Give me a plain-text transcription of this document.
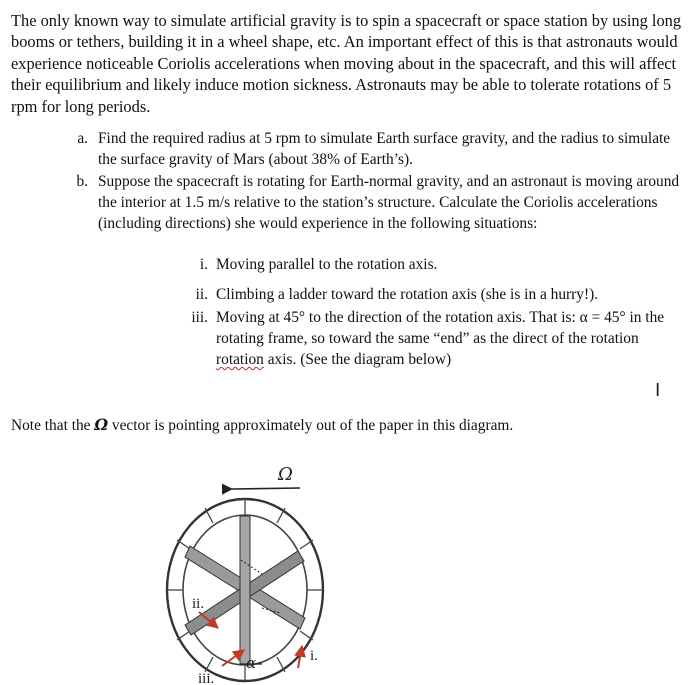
The only known way to simulate artificial gravity is to spin a spacecraft or space station by using long booms or tethers, building it in a wheel shape, etc. An important effect of this is that astronauts would experience noticeable Coriolis accelerations when moving about in the spacecraft, and this will affect their equilibrium and likely induce motion sickness. Astronauts may be able to tolerate rotations of 5 rpm for long periods.
a. Find the required radius at 5 rpm to simulate Earth surface gravity, and the radius to simulate the surface gravity of Mars (about 38% of Earth’s).
b. Suppose the spacecraft is rotating for Earth-normal gravity, and an astronaut is moving around the interior at 1.5 m/s relative to the station’s structure. Calculate the Coriolis accelerations (including directions) she would experience in the following situations:
i. Moving parallel to the rotation axis.
ii. Climbing a ladder toward the rotation axis (she is in a hurry!).
iii. Moving at 45° to the direction of the rotation axis. That is: α = 45° in the rotating frame, so toward the same “end” as the direct of the rotation rotation axis. (See the diagram below)
I
Note that the Ω vector is pointing approximately out of the paper in this diagram.
Ω
α	i.
ii.
iii.
